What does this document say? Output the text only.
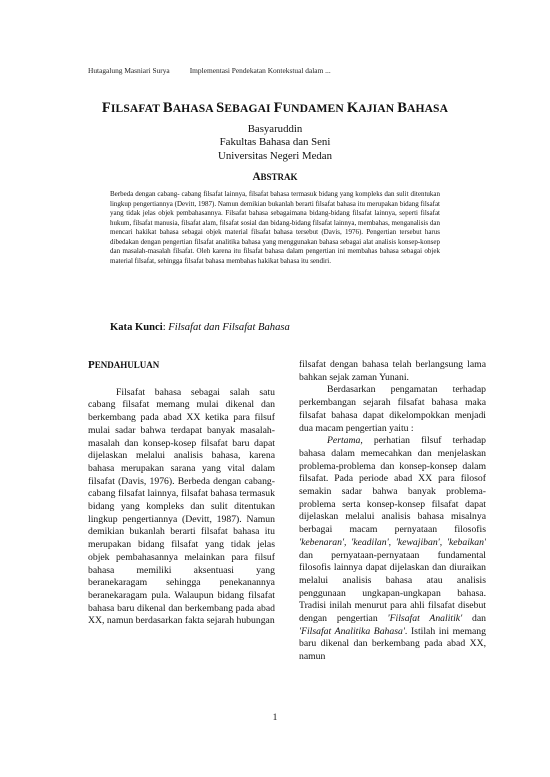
Hutagalung Masniari Surya	Implementasi Pendekatan Kontekstual dalam ...
FILSAFAT BAHASA SEBAGAI FUNDAMEN KAJIAN BAHASA
Basyaruddin
Fakultas Bahasa dan Seni
Universitas Negeri Medan
ABSTRAK
Berbeda dengan cabang- cabang filsafat lainnya, filsafat bahasa termasuk bidang yang kompleks dan sulit ditentukan lingkup pengertiannya (Devitt, 1987). Namun demikian bukanlah berarti filsafat bahasa itu merupakan bidang filsafat yang tidak jelas objek pembahasannya. Filsafat bahasa sebagaimana bidang-bidang filsafat lainnya, seperti filsafat hukum, filsafat manusia, filsafat alam, filsafat sosial dan bidang-bidang filsafat lainnya, membahas, menganalisis dan mencari hakikat bahasa sebagai objek material filsafat bahasa tersebut (Davis, 1976). Pengertian tersebut harus dibedakan dengan pengertian filsafat analitika bahasa yang menggunakan bahasa sebagai alat analisis konsep-konsep dan masalah-masalah filsafat. Oleh karena itu filsafat bahasa dalam pengertian ini membahas bahasa sebagai objek material filsafat, sehingga filsafat bahasa membahas hakikat bahasa itu sendiri.
Kata Kunci: Filsafat dan Filsafat Bahasa
PENDAHULUAN

Filsafat bahasa sebagai salah satu cabang filsafat memang mulai dikenal dan berkembang pada abad XX ketika para filsuf mulai sadar bahwa terdapat banyak masalah-masalah dan konsep-kosep filsafat baru dapat dijelaskan melalui analisis bahasa, karena bahasa merupakan sarana yang vital dalam filsafat (Davis, 1976). Berbeda dengan cabang- cabang filsafat lainnya, filsafat bahasa termasuk bidang yang kompleks dan sulit ditentukan lingkup pengertiannya (Devitt, 1987). Namun demikian bukanlah berarti filsafat bahasa itu merupakan bidang filsafat yang tidak jelas objek pembahasannya melainkan para filsuf bahasa memiliki aksentuasi yang beranekaragam sehingga penekanannya beranekaragam pula. Walaupun bidang filsafat bahasa baru dikenal dan berkembang pada abad XX, namun berdasarkan fakta sejarah hubungan

filsafat dengan bahasa telah berlangsung lama bahkan sejak zaman Yunani.

Berdasarkan pengamatan terhadap perkembangan sejarah filsafat bahasa maka filsafat bahasa dapat dikelompokkan menjadi dua macam pengertian yaitu :

Pertama, perhatian filsuf terhadap bahasa dalam memecahkan dan menjelaskan problema-problema dan konsep-konsep dalam filsafat. Pada periode abad XX para filosof semakin sadar bahwa banyak problema-problema serta konsep-konsep filsafat dapat dijelaskan melalui analisis bahasa misalnya berbagai macam pernyataan filosofis 'kebenaran', 'keadilan', 'kewajiban', 'kebaikan' dan pernyataan-pernyataan fundamental filosofis lainnya dapat dijelaskan dan diuraikan melalui analisis bahasa atau analisis penggunaan ungkapan-ungkapan bahasa. Tradisi inilah menurut para ahli filsafat disebut dengan pengertian 'Filsafat Analitik' dan 'Filsafat Analitika Bahasa'. Istilah ini memang baru dikenal dan berkembang pada abad XX, namun

1
